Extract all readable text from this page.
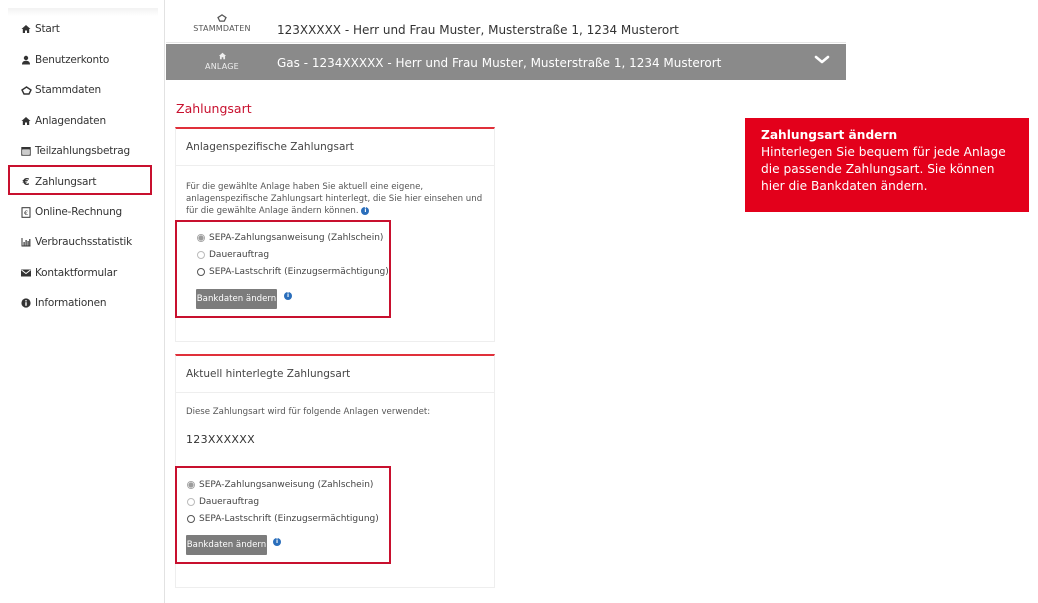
Start
Benutzerkonto
Stammdaten
Anlagendaten
Teilzahlungsbetrag
€ Zahlungsart
€ Online-Rechnung
Verbrauchsstatistik
Kontaktformular
Informationen
STAMMDATEN 123XXXXX - Herr und Frau Muster, Musterstraße 1, 1234 Musterort
ANLAGE	Gas - 1234XXXXX - Herr und Frau Muster, Musterstraße 1, 1234 Musterort
Zahlungsart
Anlagenspezifische Zahlungsart
Für die gewählte Anlage haben Sie aktuell eine eigene, anlagenspezifische Zahlungsart hinterlegt, die Sie hier einsehen und für die gewählte Anlage ändern können. i
SEPA-Zahlungsanweisung (Zahlschein)
Dauerauftrag
SEPA-Lastschrift (Einzugsermächtigung)
Bankdaten ändern	i
Aktuell hinterlegte Zahlungsart
Diese Zahlungsart wird für folgende Anlagen verwendet:
123XXXXXX
SEPA-Zahlungsanweisung (Zahlschein)
Dauerauftrag
SEPA-Lastschrift (Einzugsermächtigung)
Bankdaten ändern	i
Zahlungsart ändern
Hinterlegen Sie bequem für jede Anlage die passende Zahlungsart. Sie können hier die Bankdaten ändern.
